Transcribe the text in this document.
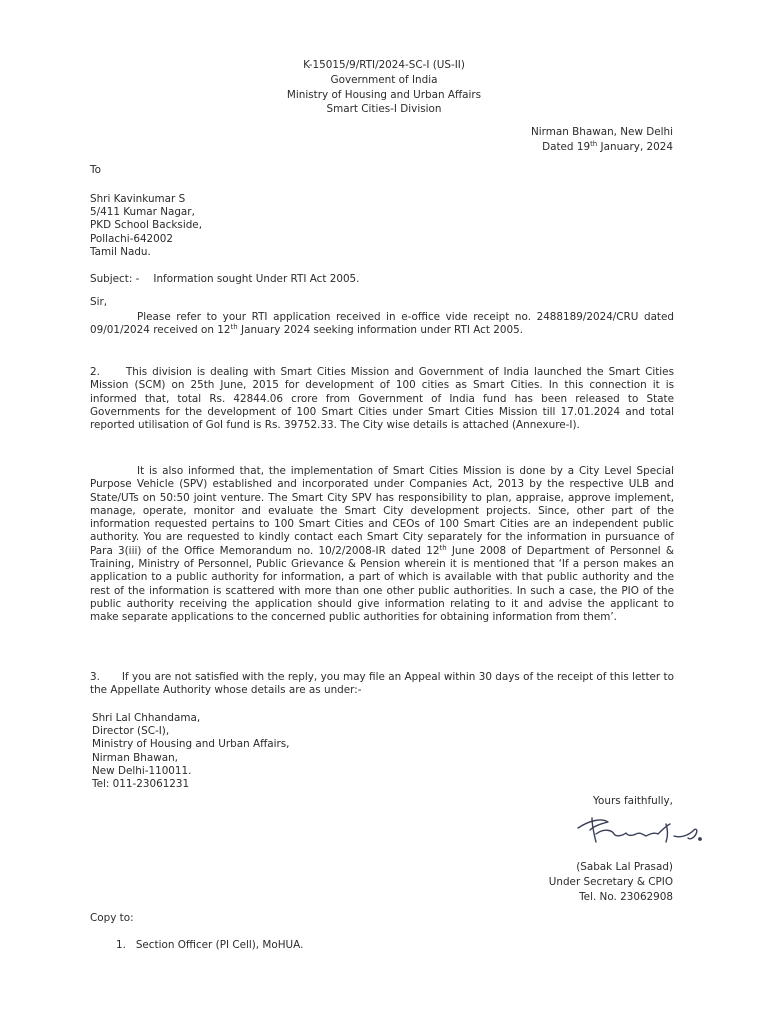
K-15015/9/RTI/2024-SC-I (US-II)
Government of India
Ministry of Housing and Urban Affairs
Smart Cities-I Division
Nirman Bhawan, New Delhi
Dated 19th January, 2024
To
Shri Kavinkumar S
5/411 Kumar Nagar,
PKD School Backside,
Pollachi-642002
Tamil Nadu.
Subject: - Information sought Under RTI Act 2005.
Sir,

Please refer to your RTI application received in e-office vide receipt no. 2488189/2024/CRU dated 09/01/2024 received on 12th January 2024 seeking information under RTI Act 2005.

2.	This division is dealing with Smart Cities Mission and Government of India launched the Smart Cities Mission (SCM) on 25th June, 2015 for development of 100 cities as Smart Cities. In this connection it is informed that, total Rs. 42844.06 crore from Government of India fund has been released to State Governments for the development of 100 Smart Cities under Smart Cities Mission till 17.01.2024 and total reported utilisation of GoI fund is Rs. 39752.33. The City wise details is attached (Annexure-I).

It is also informed that, the implementation of Smart Cities Mission is done by a City Level Special Purpose Vehicle (SPV) established and incorporated under Companies Act, 2013 by the respective ULB and State/UTs on 50:50 joint venture. The Smart City SPV has responsibility to plan, appraise, approve implement, manage, operate, monitor and evaluate the Smart City development projects. Since, other part of the information requested pertains to 100 Smart Cities and CEOs of 100 Smart Cities are an independent public authority. You are requested to kindly contact each Smart City separately for the information in pursuance of Para 3(iii) of the Office Memorandum no. 10/2/2008-IR dated 12th June 2008 of Department of Personnel & Training, Ministry of Personnel, Public Grievance & Pension wherein it is mentioned that ‘If a person makes an application to a public authority for information, a part of which is available with that public authority and the rest of the information is scattered with more than one other public authorities. In such a case, the PIO of the public authority receiving the application should give information relating to it and advise the applicant to make separate applications to the concerned public authorities for obtaining information from them’.

3. If you are not satisfied with the reply, you may file an Appeal within 30 days of the receipt of this letter to the Appellate Authority whose details are as under:-

Shri Lal Chhandama,
Director (SC-I),
Ministry of Housing and Urban Affairs,
Nirman Bhawan,
New Delhi-110011.
Tel: 011-23061231
Yours faithfully,
(Sabak Lal Prasad)
Under Secretary & CPIO
Tel. No. 23062908
Copy to:
1.   Section Officer (PI Cell), MoHUA.
